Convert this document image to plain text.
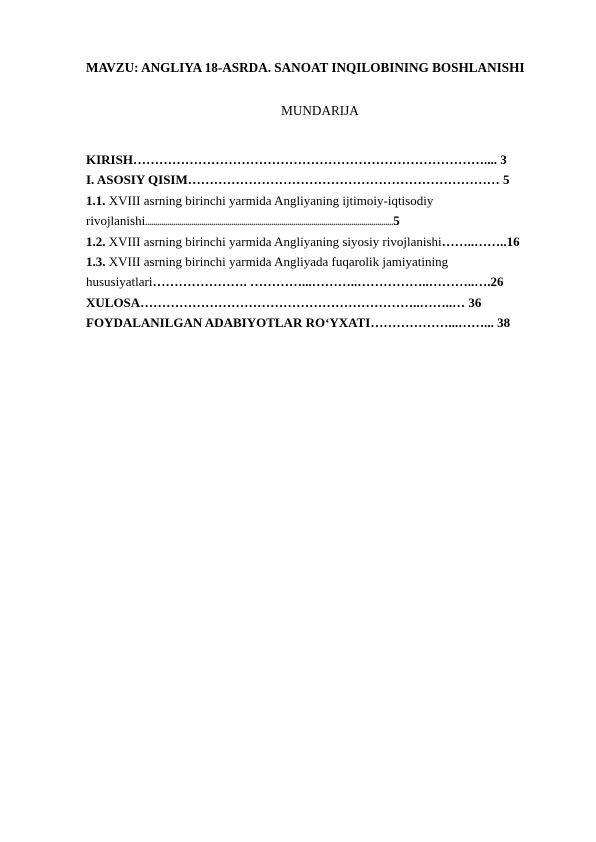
MAVZU: ANGLIYA 18-ASRDA. SANOAT INQILOBINING BOSHLANISHI
MUNDARIJA
KIRISH……………………………………………………………………….... 3
I. ASOSIY QISIM……………………………………………………………… 5
1.1. XVIII asrning birinchi yarmida Angliyaning ijtimoiy-iqtisodiy
rivojlanishi............................................................................................................................5
1.2. XVIII asrning birinchi yarmida Angliyaning siyosiy rivojlanishi……..……..16
1.3. XVIII asrning birinchi yarmida Angliyada fuqarolik jamiyatining
hususiyatlari…………………. …………...………..……………..………..….26
XULOSA………………………………………………………..……..… 36
FOYDALANILGAN ADABIYOTLAR RO‘YXATI………………...……... 38
